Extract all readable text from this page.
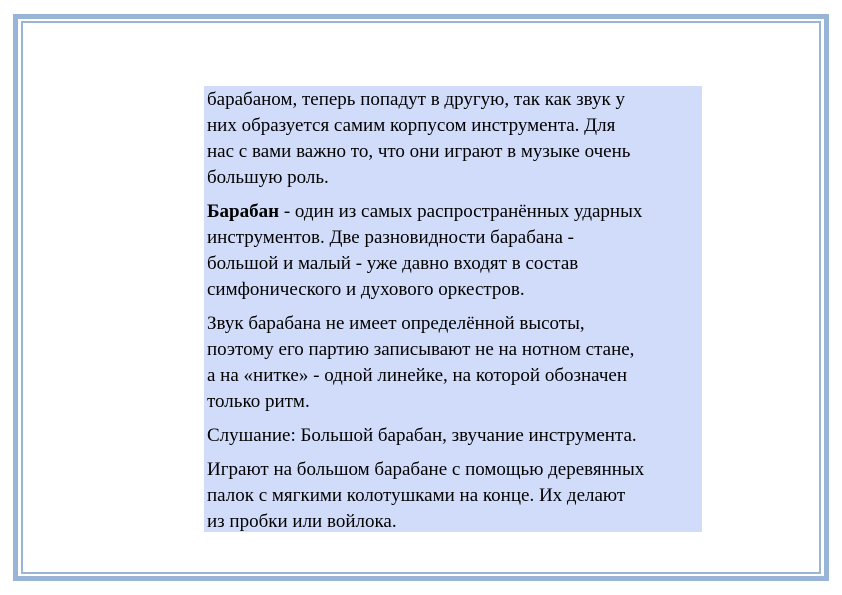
барабаном, теперь попадут в другую, так как звук у
них образуется самим корпусом инструмента. Для
нас с вами важно то, что они играют в музыке очень
большую роль.

Барабан - один из самых распространённых ударных
инструментов. Две разновидности барабана -
большой и малый - уже давно входят в состав
симфонического и духового оркестров.

Звук барабана не имеет определённой высоты,
поэтому его партию записывают не на нотном стане,
а на «нитке» - одной линейке, на которой обозначен
только ритм.

Слушание: Большой барабан, звучание инструмента.

Играют на большом барабане с помощью деревянных
палок с мягкими колотушками на конце. Их делают
из пробки или войлока.
